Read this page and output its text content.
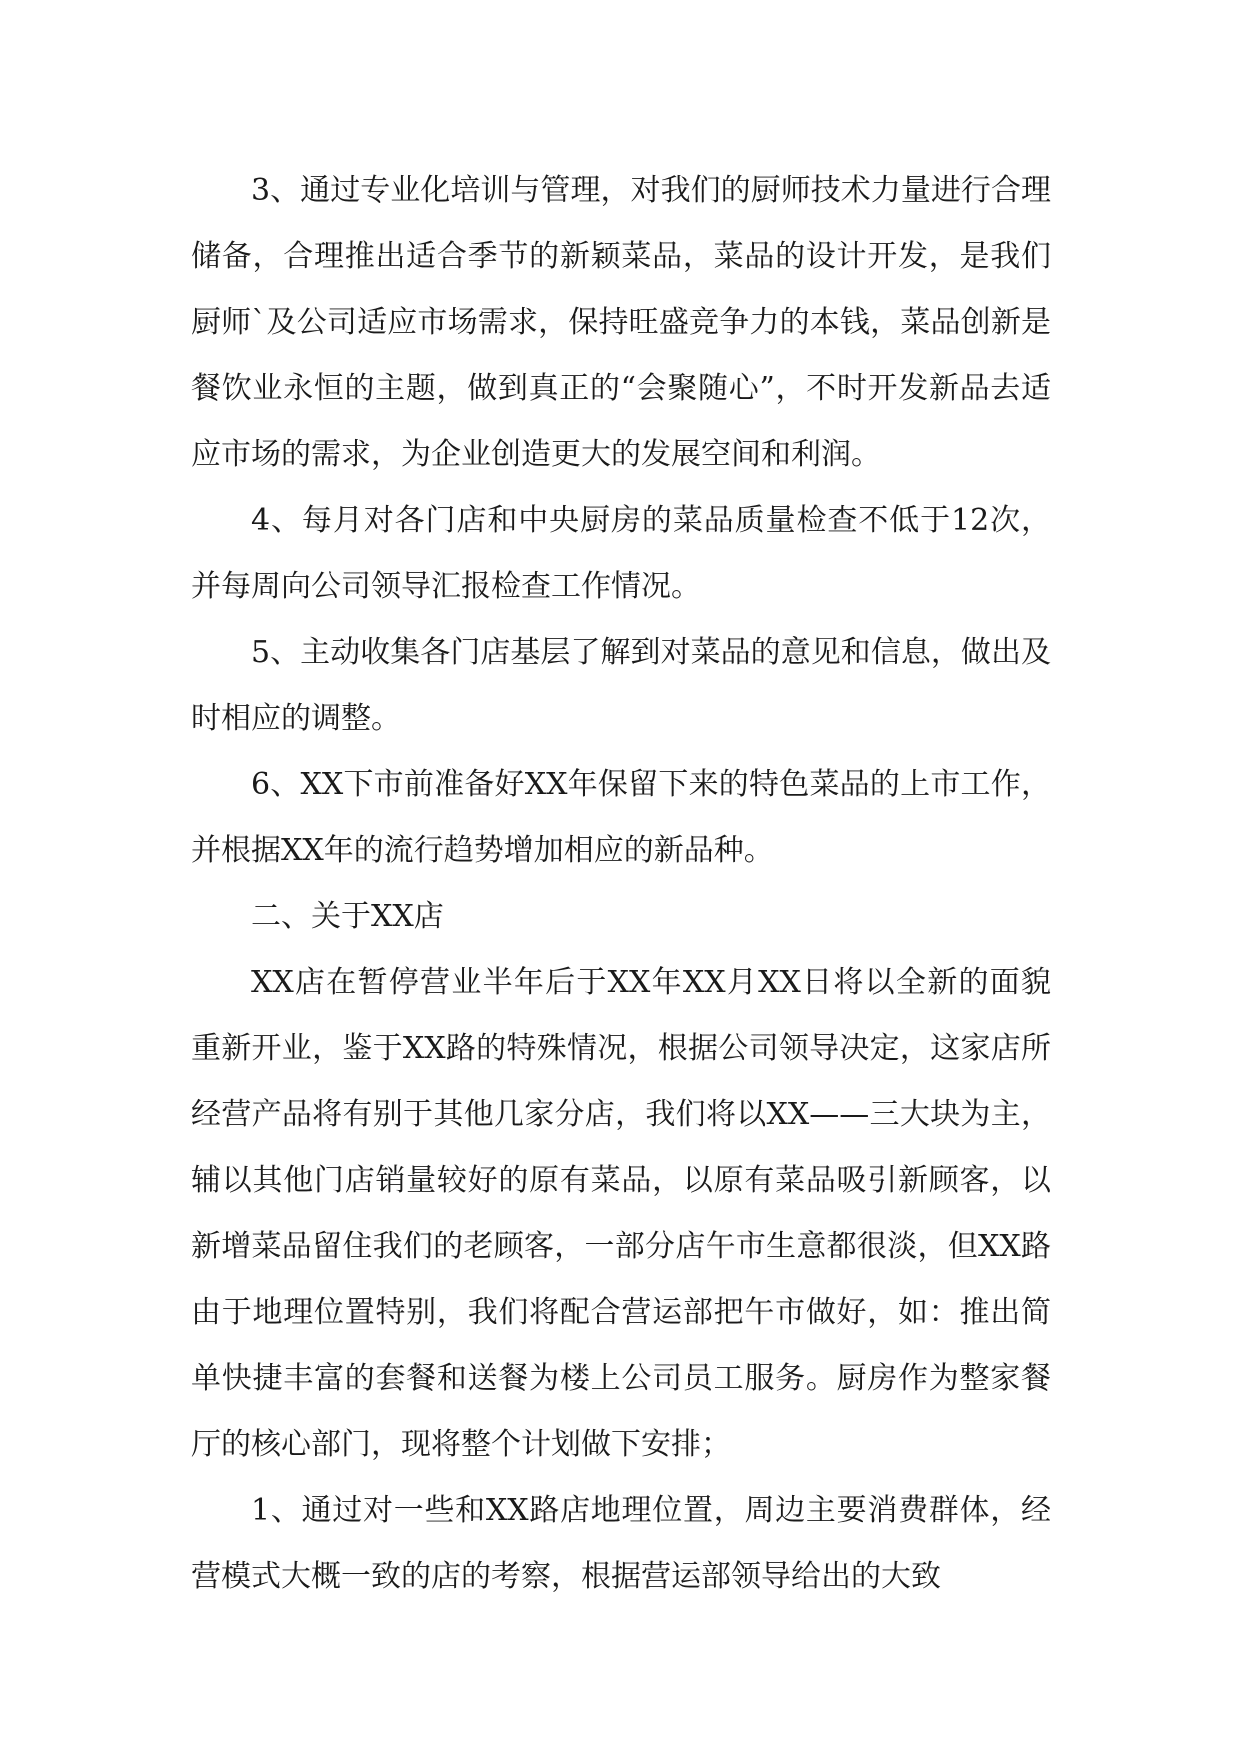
3、通过专业化培训与管理，对我们的厨师技术力量进行合理储备，合理推出适合季节的新颖菜品，菜品的设计开发，是我们厨师`及公司适应市场需求，保持旺盛竞争力的本钱，菜品创新是餐饮业永恒的主题，做到真正的“会聚随心”，不时开发新品去适应市场的需求，为企业创造更大的发展空间和利润。

4、每月对各门店和中央厨房的菜品质量检查不低于12次，并每周向公司领导汇报检查工作情况。

5、主动收集各门店基层了解到对菜品的意见和信息，做出及时相应的调整。

6、XX下市前准备好XX年保留下来的特色菜品的上市工作，并根据XX年的流行趋势增加相应的新品种。

二、关于XX店

XX店在暂停营业半年后于XX年XX月XX日将以全新的面貌重新开业，鉴于XX路的特殊情况，根据公司领导决定，这家店所经营产品将有别于其他几家分店，我们将以XX——三大块为主，辅以其他门店销量较好的原有菜品，以原有菜品吸引新顾客，以新增菜品留住我们的老顾客，一部分店午市生意都很淡，但XX路由于地理位置特别，我们将配合营运部把午市做好，如：推出简单快捷丰富的套餐和送餐为楼上公司员工服务。厨房作为整家餐厅的核心部门，现将整个计划做下安排；

1、通过对一些和XX路店地理位置，周边主要消费群体，经营模式大概一致的店的考察，根据营运部领导给出的大致
